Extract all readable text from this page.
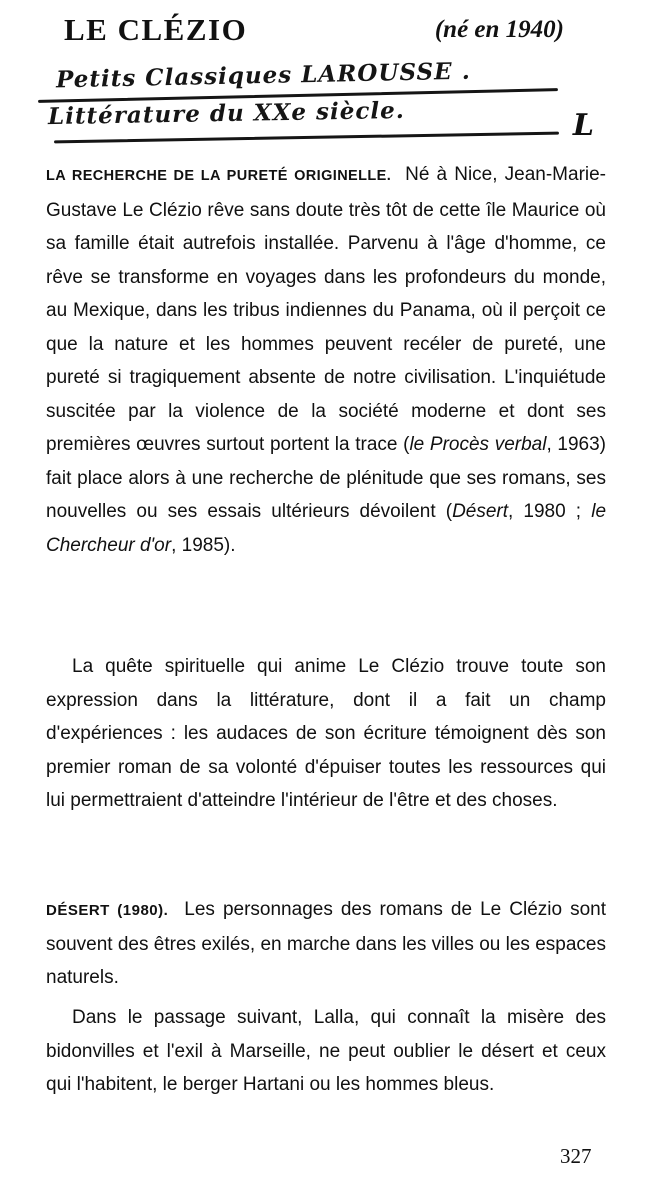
LE CLÉZIO	(né en 1940)
Petits Classiques LAROUSSE .
Littérature du XXe siècle.	L

LA RECHERCHE DE LA PURETÉ ORIGINELLE. Né à Nice, Jean-Marie-Gustave Le Clézio rêve sans doute très tôt de cette île Maurice où sa famille était autrefois installée. Parvenu à l'âge d'homme, ce rêve se transforme en voyages dans les profondeurs du monde, au Mexique, dans les tribus indiennes du Panama, où il perçoit ce que la nature et les hommes peuvent recéler de pureté, une pureté si tragiquement absente de notre civilisation. L'inquiétude suscitée par la violence de la société moderne et dont ses premières œuvres surtout portent la trace (le Procès verbal, 1963) fait place alors à une recherche de plénitude que ses romans, ses nouvelles ou ses essais ultérieurs dévoilent (Désert, 1980 ; le Chercheur d'or, 1985).

La quête spirituelle qui anime Le Clézio trouve toute son expression dans la littérature, dont il a fait un champ d'expériences : les audaces de son écriture témoignent dès son premier roman de sa volonté d'épuiser toutes les ressources qui lui permettraient d'atteindre l'intérieur de l'être et des choses.

DÉSERT (1980). Les personnages des romans de Le Clézio sont souvent des êtres exilés, en marche dans les villes ou les espaces naturels.

Dans le passage suivant, Lalla, qui connaît la misère des bidonvilles et l'exil à Marseille, ne peut oublier le désert et ceux qui l'habitent, le berger Hartani ou les hommes bleus.

327
